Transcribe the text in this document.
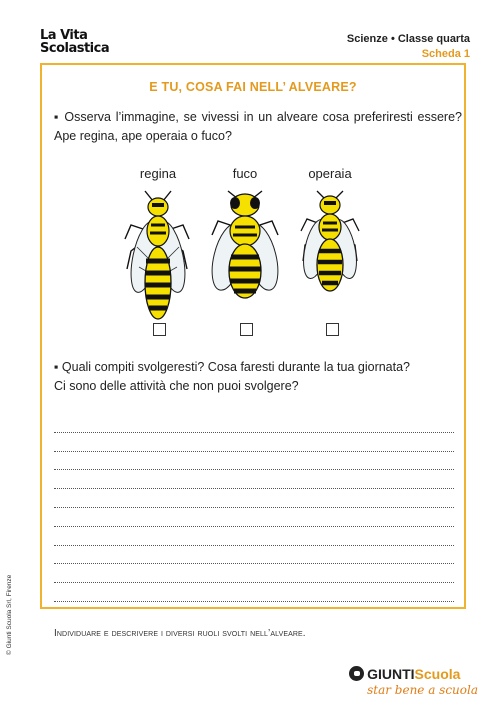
La Vita
Scolastica
Scienze • Classe quarta
Scheda 1
E TU, COSA FAI NELL’ ALVEARE?
▪ Osserva l’immagine, se vivessi in un alveare cosa preferiresti essere? Ape regina, ape operaia o fuco?
regina	fuco	operaia
▪ Quali compiti svolgeresti? Cosa faresti durante la tua giornata?
Ci sono delle attività che non puoi svolgere?
Individuare e descrivere i diversi ruoli svolti nell’alveare.
© Giunti Scuola Srl, Firenze
GIUNTIScuola
star bene a scuola
